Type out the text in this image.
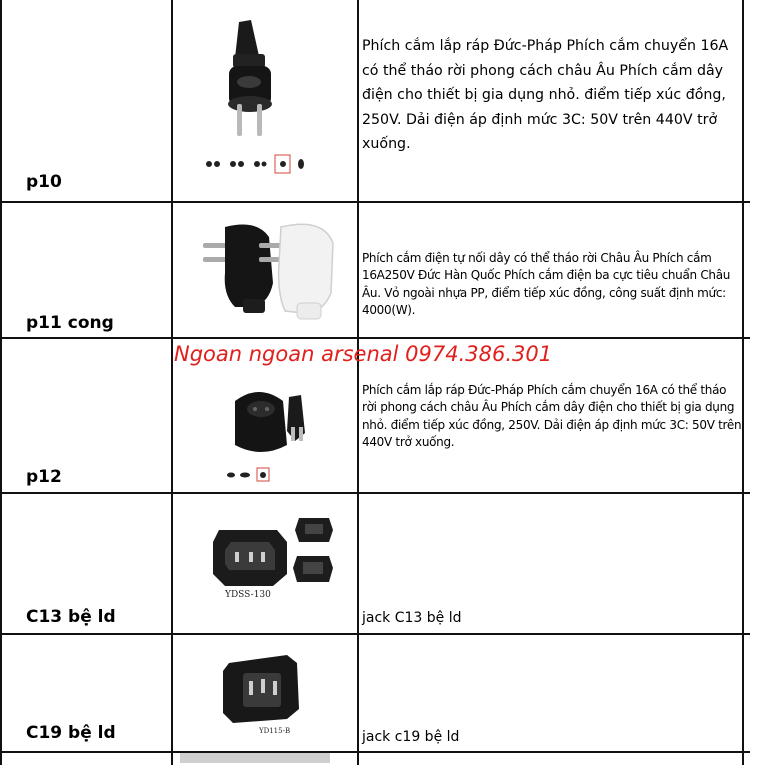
p10
Phích cắm lắp ráp Đức-Pháp Phích cắm chuyển 16A có thể tháo rời phong cách châu Âu Phích cắm dây điện cho thiết bị gia dụng nhỏ. điểm tiếp xúc đồng, 250V. Dải điện áp định mức 3C: 50V trên 440V trở xuống.
p11 cong
Phích cắm điện tự nối dây có thể tháo rời Châu Âu Phích cắm 16A250V Đức Hàn Quốc Phích cắm điện ba cực tiêu chuẩn Châu Âu. Vỏ ngoài nhựa PP, điểm tiếp xúc đồng, công suất định mức: 4000(W).
p12
Phích cắm lắp ráp Đức-Pháp Phích cắm chuyển 16A có thể tháo rời phong cách châu Âu Phích cắm dây điện cho thiết bị gia dụng nhỏ. điểm tiếp xúc đồng, 250V. Dải điện áp định mức 3C: 50V trên 440V trở xuống.
C13 bệ ld
YDSS-130
jack C13 bệ ld
C19 bệ ld	YD115-B	jack c19 bệ ld
Ngoan ngoan arsenal 0974.386.301
